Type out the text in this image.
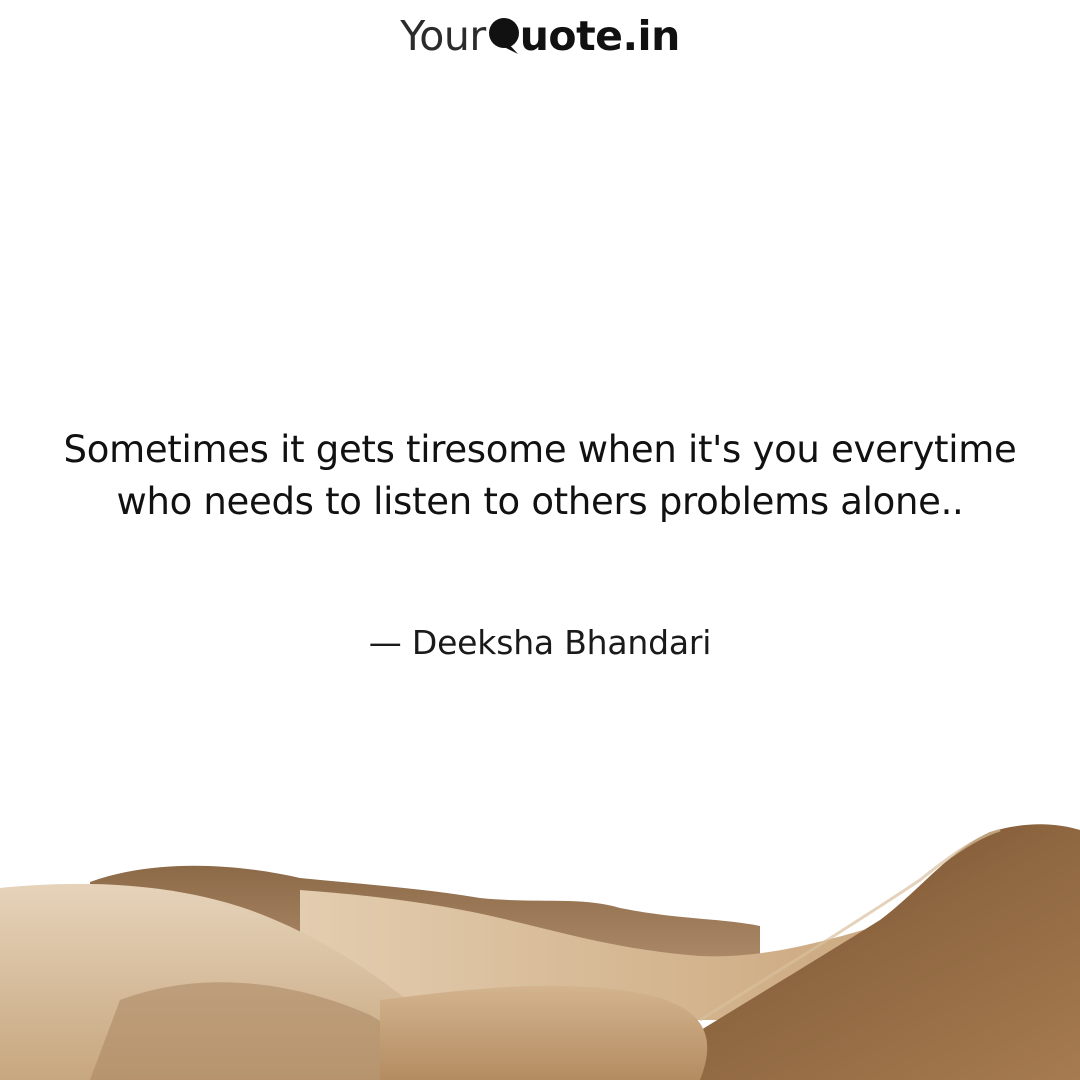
Your uote.in
Sometimes it gets tiresome when it's you everytime who needs to listen to others problems alone..
— Deeksha Bhandari
